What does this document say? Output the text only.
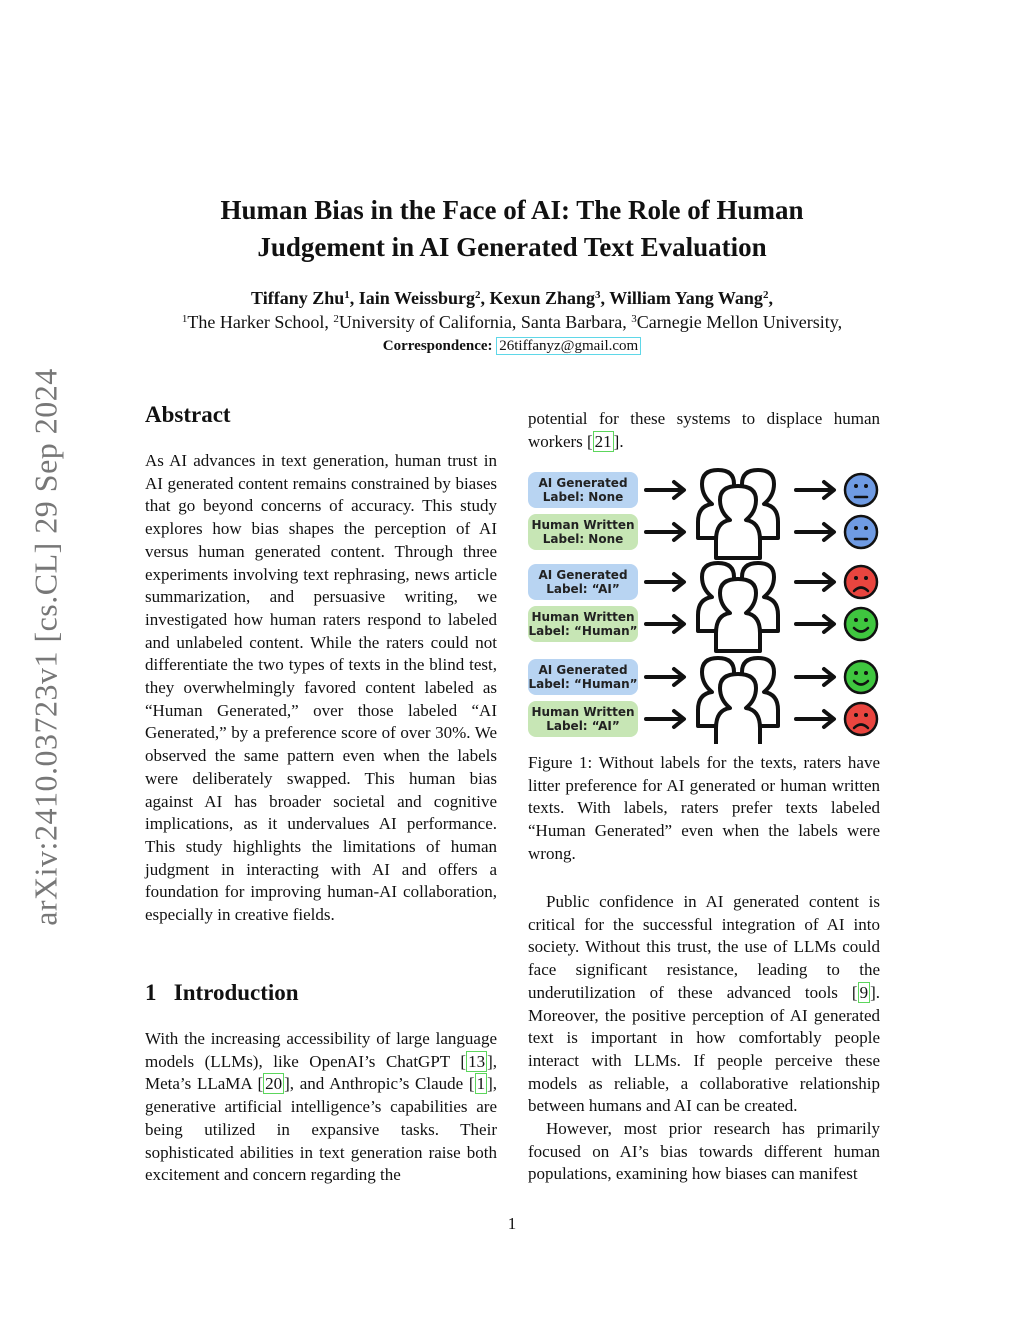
arXiv:2410.03723v1 [cs.CL] 29 Sep 2024
Human Bias in the Face of AI: The Role of Human
Judgement in AI Generated Text Evaluation
Tiffany Zhu$^1$, Iain Weissburg$^2$, Kexun Zhang$^3$, William Yang Wang$^2$,
$^1$The Harker School, $^2$University of California, Santa Barbara, $^3$Carnegie Mellon University,
Correspondence: 26tiffanyz@gmail.com
Abstract

As AI advances in text generation, human trust in AI generated content remains constrained by biases that go beyond concerns of accuracy. This study explores how bias shapes the perception of AI versus human generated content. Through three experiments involving text rephrasing, news article summarization, and persuasive writing, we investigated how human raters respond to labeled and unlabeled content. While the raters could not differentiate the two types of texts in the blind test, they overwhelmingly favored content labeled as “Human Generated,” over those labeled “AI Generated,” by a preference score of over 30%. We observed the same pattern even when the labels were deliberately swapped. This human bias against AI has broader societal and cognitive implications, as it undervalues AI performance. This study highlights the limitations of human judgment in interacting with AI and offers a foundation for improving human-AI collaboration, especially in creative fields.

1 Introduction

With the increasing accessibility of large language models (LLMs), like OpenAI’s ChatGPT [ 13 ], Meta’s LLaMA [ 20 ], and Anthropic’s Claude [ 1 ], generative artificial intelligence’s capabilities are being utilized in expansive tasks. Their sophisticated abilities in text generation raise both excitement and concern regarding the

potential for these systems to displace human workers [ 21 ].

AI Generated
Label: None
Human Written
Label: None
AI Generated
Label: “AI”
Human Written
Label: “Human”
AI Generated
Label: “Human”
Human Written
Label: “AI”
Figure 1: Without labels for the texts, raters have litter preference for AI generated or human written texts. With labels, raters prefer texts labeled “Human Generated” even when the labels were wrong.

Public confidence in AI generated content is critical for the successful integration of AI into society. Without this trust, the use of LLMs could face significant resistance, leading to the underutilization of these advanced tools [ 9 ]. Moreover, the positive perception of AI generated text is important in how comfortably people interact with LLMs. If people perceive these models as reliable, a collaborative relationship between humans and AI can be created.

However, most prior research has primarily focused on AI’s bias towards different human populations, examining how biases can manifest

1
